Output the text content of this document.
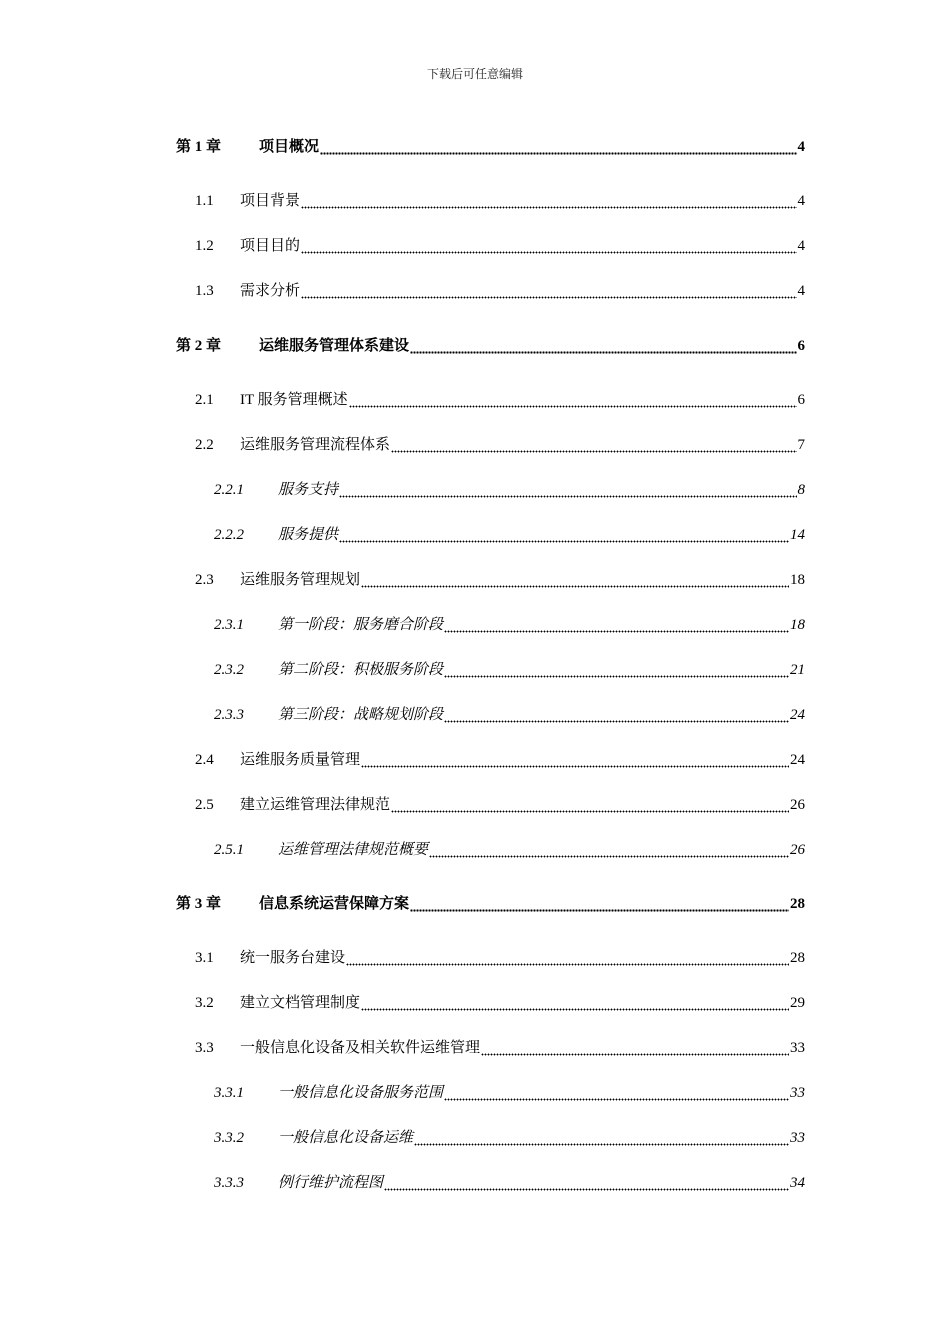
下载后可任意编辑
第 1 章	项目概况	4
1.1	项目背景	4
1.2	项目目的	4
1.3	需求分析	4
第 2 章	运维服务管理体系建设	6
2.1	IT 服务管理概述	6
2.2	运维服务管理流程体系	7
2.2.1	服务支持	8
2.2.2	服务提供	14
2.3	运维服务管理规划	18
2.3.1	第一阶段：服务磨合阶段	18
2.3.2	第二阶段：积极服务阶段	21
2.3.3	第三阶段：战略规划阶段	24
2.4	运维服务质量管理	24
2.5	建立运维管理法律规范	26
2.5.1	运维管理法律规范概要	26
第 3 章	信息系统运营保障方案	28
3.1	统一服务台建设	28
3.2	建立文档管理制度	29
3.3	一般信息化设备及相关软件运维管理	33
3.3.1	一般信息化设备服务范围	33
3.3.2	一般信息化设备运维	33
3.3.3	例行维护流程图	34
